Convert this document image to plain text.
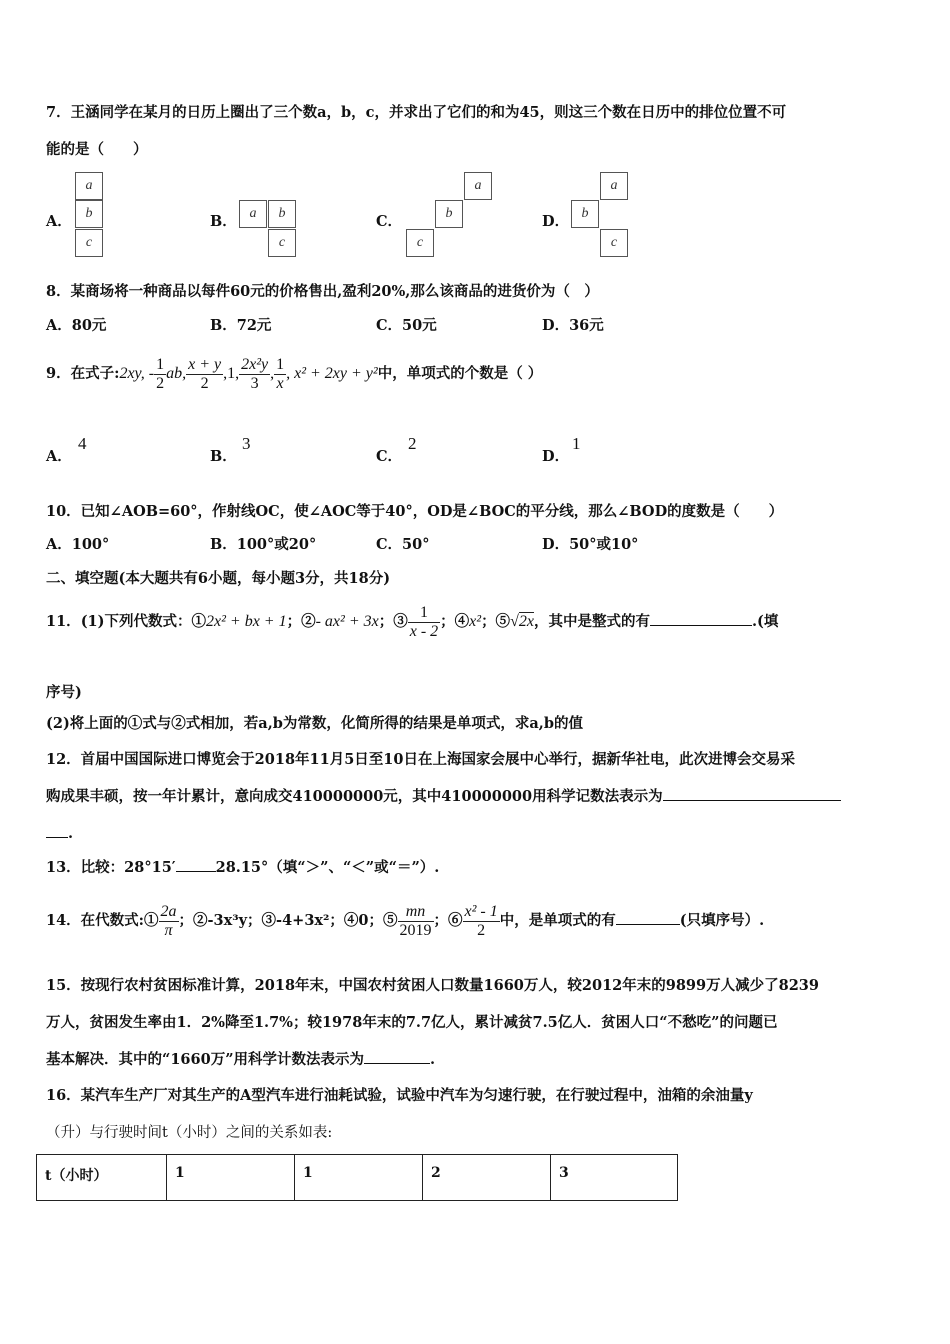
7．王涵同学在某月的日历上圈出了三个数a，b，c，并求出了它们的和为45，则这三个数在日历中的排位位置不可
能的是（　　）
A．
a
b
c
B． a	b
c
C．
a
b
c
D．
a
b
c
8．某商场将一种商品以每件60元的价格售出,盈利20%,那么该商品的进货价为（　）
A．80元	B．72元	C．50元	D．36元
9．在式子:2xy, - $\frac{1}{2}$ ab, $\frac{x + y}{2} ,1$, $\frac{\text{2x²y}}{3}$ , $\frac{1}{x}$ , x² + 2xy + y²中，单项式的个数是（ ）
A．
4
B．
3
C．
2
D．
1
10．已知∠AOB=60°，作射线OC，使∠AOC等于40°，OD是∠BOC的平分线，那么∠BOD的度数是（　　）
A．100°	B．100°或20°	C．50°	D．50°或10°
二、填空题(本大题共有6小题，每小题3分，共18分)
11．(1)下列代数式：①2x² + bx + 1；②- ax² + 3x；③ $\frac{1}{x - 2}$ ；④x²；⑤√2x，其中是整式的有	.(填
序号)
(2)将上面的①式与②式相加，若a,b为常数，化简所得的结果是单项式，求a,b的值
12．首届中国国际进口博览会于2018年11月5日至10日在上海国家会展中心举行，据新华社电，此次进博会交易采
购成果丰硕，按一年计累计，意向成交410000000元，其中410000000用科学记数法表示为
.
13．比较：28°15′	28.15°（填“＞”、“＜”或“＝”）.
14．在代数式:① $\frac{2a}{\pi}$ ；②-3x³y；③-4+3x²；④0；⑤ $\frac{mn}{2019}$ ；⑥ $\frac{\text{x² - 1}}{2}$ 中，是单项式的有	(只填序号）.
15．按现行农村贫困标准计算，2018年末，中国农村贫困人口数量1660万人，较2012年末的9899万人减少了8239
万人，贫困发生率由1．2%降至1.7%；较1978年末的7.7亿人，累计减贫7.5亿人．贫困人口“不愁吃”的问题已
基本解决．其中的“1660万”用科学计数法表示为	.
16．某汽车生产厂对其生产的A型汽车进行油耗试验，试验中汽车为匀速行驶，在行驶过程中，油箱的余油量y
（升）与行驶时间t（小时）之间的关系如表:
t（小时）	1	1	2	3
